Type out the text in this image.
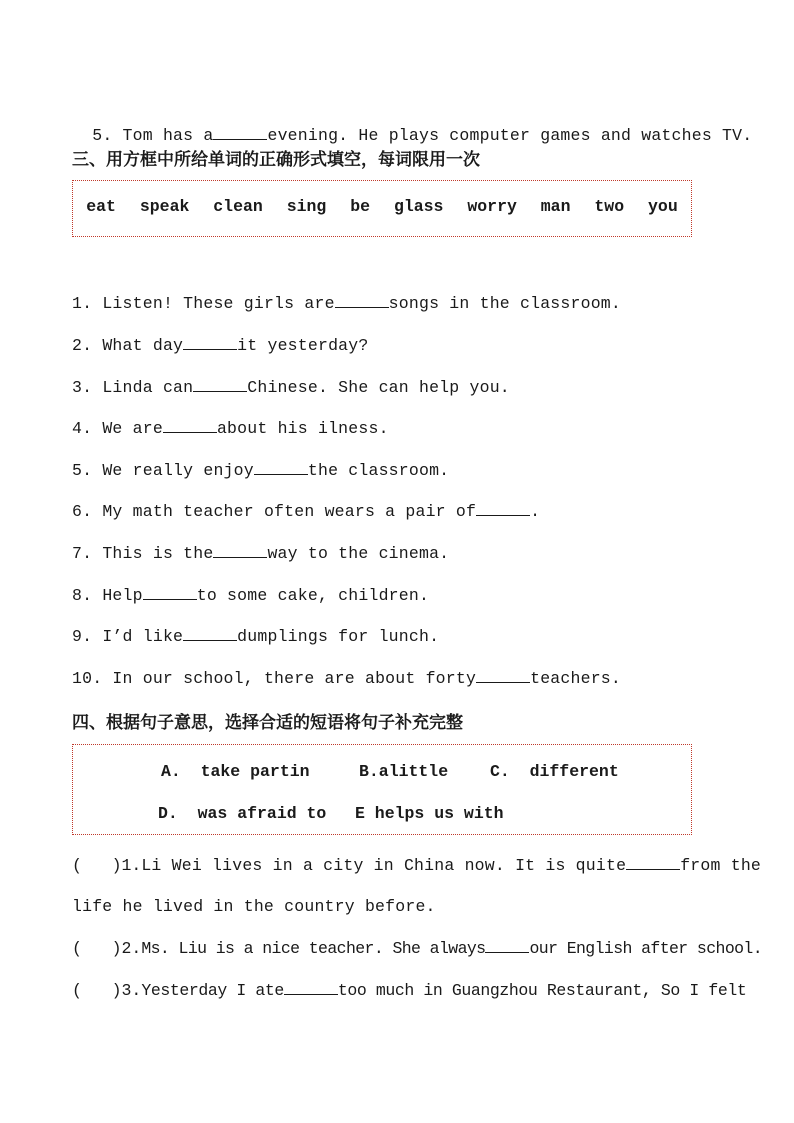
5. Tom has a	evening. He plays computer games and watches TV.

三、用方框中所给单词的正确形式填空，每词限用一次
eat speak clean sing be glass worry man two you
1. Listen! These girls are	songs in the classroom.
2. What day	it yesterday?
3. Linda can	Chinese. She can help you.
4. We are	about his ilness.
5. We really enjoy	the classroom.
6. My math teacher often wears a pair of	.
7. This is the	way to the cinema.
8. Help	to some cake, children.
9. I’d like	dumplings for lunch.
10. In our school, there are about forty	teachers.
四、根据句子意思，选择合适的短语将句子补充完整
A.  take partin	B.alittle	C.  different
D.  was afraid to E helps us with
(   )1.Li Wei lives in a city in China now. It is quite	from the
life he lived in the country before.
(   )2.Ms. Liu is a nice teacher. She always	our English after school.
(   )3.Yesterday I ate	too much in Guangzhou Restaurant, So I felt
